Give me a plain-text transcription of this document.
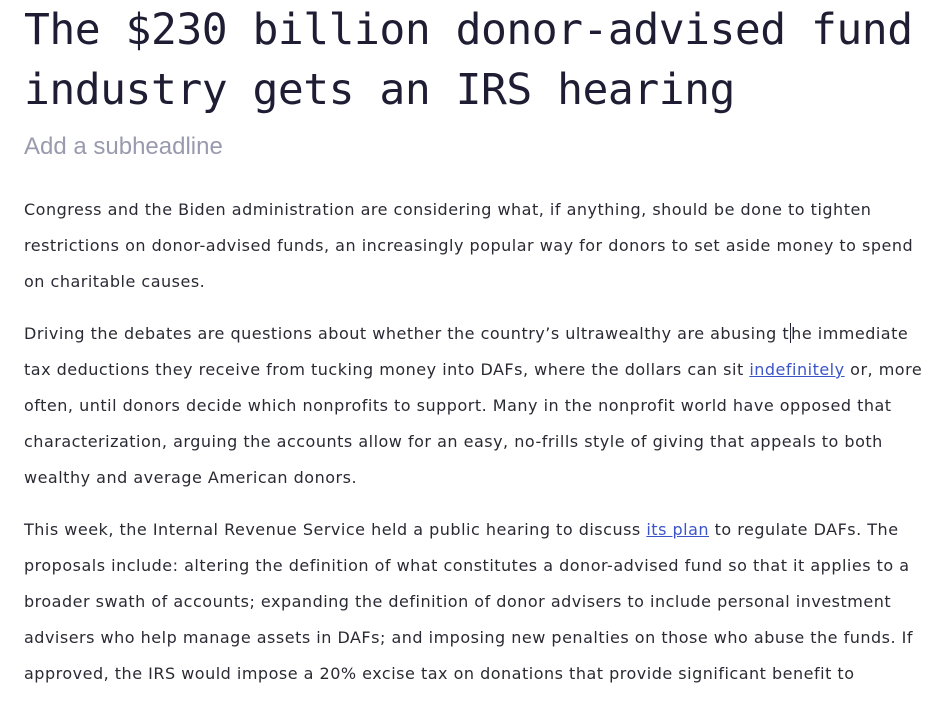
The $230 billion donor-advised fund industry gets an IRS hearing
Add a subheadline

Congress and the Biden administration are considering what, if anything, should be done to tighten restrictions on donor-advised funds, an increasingly popular way for donors to set aside money to spend on charitable causes.

Driving the debates are questions about whether the country’s ultrawealthy are abusing t he immediate tax deductions they receive from tucking money into DAFs, where the dollars can sit indefinitely or, more often, until donors decide which nonprofits to support. Many in the nonprofit world have opposed that characterization, arguing the accounts allow for an easy, no-frills style of giving that appeals to both wealthy and average American donors.

This week, the Internal Revenue Service held a public hearing to discuss its plan to regulate DAFs. The proposals include: altering the definition of what constitutes a donor-advised fund so that it applies to a broader swath of accounts; expanding the definition of donor advisers to include personal investment advisers who help manage assets in DAFs; and imposing new penalties on those who abuse the funds. If approved, the IRS would impose a 20% excise tax on donations that provide significant benefit to
